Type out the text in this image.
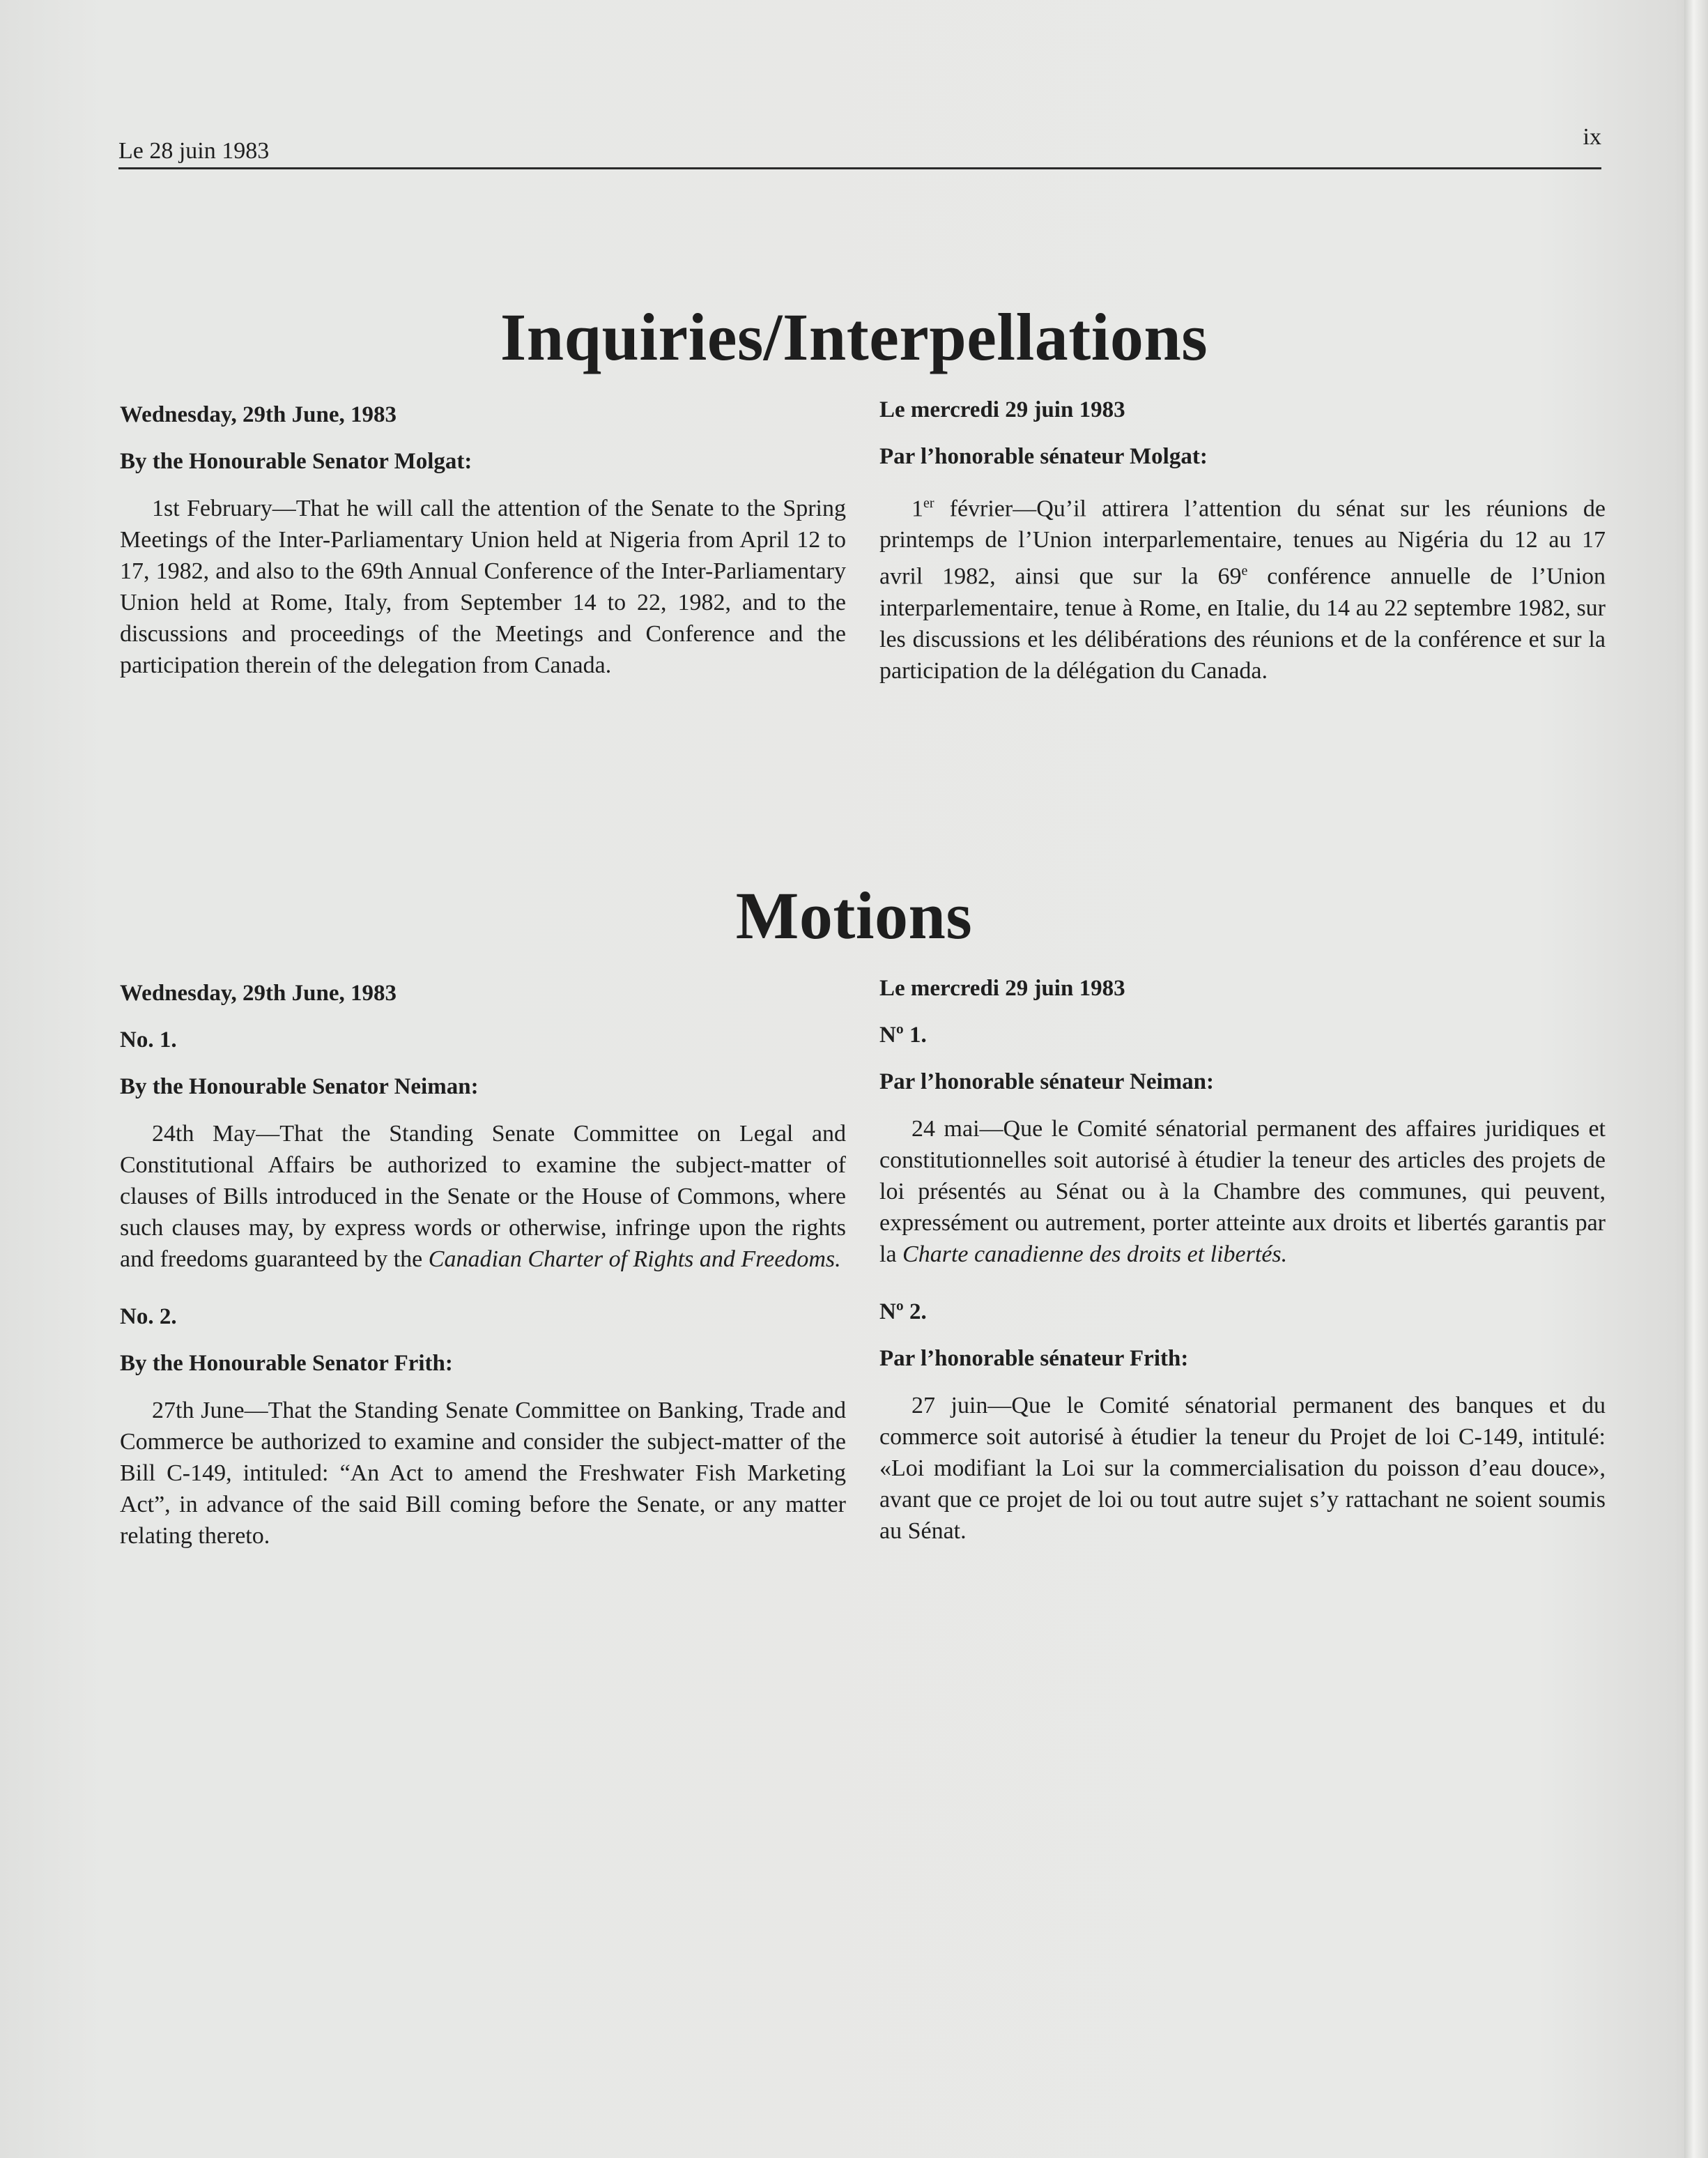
Le 28 juin 1983
ix
Inquiries/Interpellations
Wednesday, 29th June, 1983
By the Honourable Senator Molgat:

1st February—That he will call the attention of the Senate to the Spring Meetings of the Inter-Parliamentary Union held at Nigeria from April 12 to 17, 1982, and also to the 69th Annual Conference of the Inter-Parliamentary Union held at Rome, Italy, from September 14 to 22, 1982, and to the discussions and proceedings of the Meetings and Conference and the participation therein of the delegation from Canada.

Le mercredi 29 juin 1983
Par l’honorable sénateur Molgat:

1er février—Qu’il attirera l’attention du sénat sur les réunions de printemps de l’Union interparlementaire, tenues au Nigéria du 12 au 17 avril 1982, ainsi que sur la 69e conférence annuelle de l’Union interparlementaire, tenue à Rome, en Italie, du 14 au 22 septembre 1982, sur les discussions et les délibérations des réunions et de la conférence et sur la participation de la délégation du Canada.

Motions
Wednesday, 29th June, 1983
No. 1.
By the Honourable Senator Neiman:

24th May—That the Standing Senate Committee on Legal and Constitutional Affairs be authorized to examine the subject-matter of clauses of Bills introduced in the Senate or the House of Commons, where such clauses may, by express words or otherwise, infringe upon the rights and freedoms guaranteed by the Canadian Charter of Rights and Freedoms.

No. 2.
By the Honourable Senator Frith:

27th June—That the Standing Senate Committee on Banking, Trade and Commerce be authorized to examine and consider the subject-matter of the Bill C-149, intituled: “An Act to amend the Freshwater Fish Marketing Act”, in advance of the said Bill coming before the Senate, or any matter relating thereto.

Le mercredi 29 juin 1983
Nº 1.
Par l’honorable sénateur Neiman:

24 mai—Que le Comité sénatorial permanent des affaires juridiques et constitutionnelles soit autorisé à étudier la teneur des articles des projets de loi présentés au Sénat ou à la Chambre des communes, qui peuvent, expressément ou autrement, porter atteinte aux droits et libertés garantis par la Charte canadienne des droits et libertés.

Nº 2.
Par l’honorable sénateur Frith:

27 juin—Que le Comité sénatorial permanent des banques et du commerce soit autorisé à étudier la teneur du Projet de loi C-149, intitulé: «Loi modifiant la Loi sur la commercialisation du poisson d’eau douce», avant que ce projet de loi ou tout autre sujet s’y rattachant ne soient soumis au Sénat.
